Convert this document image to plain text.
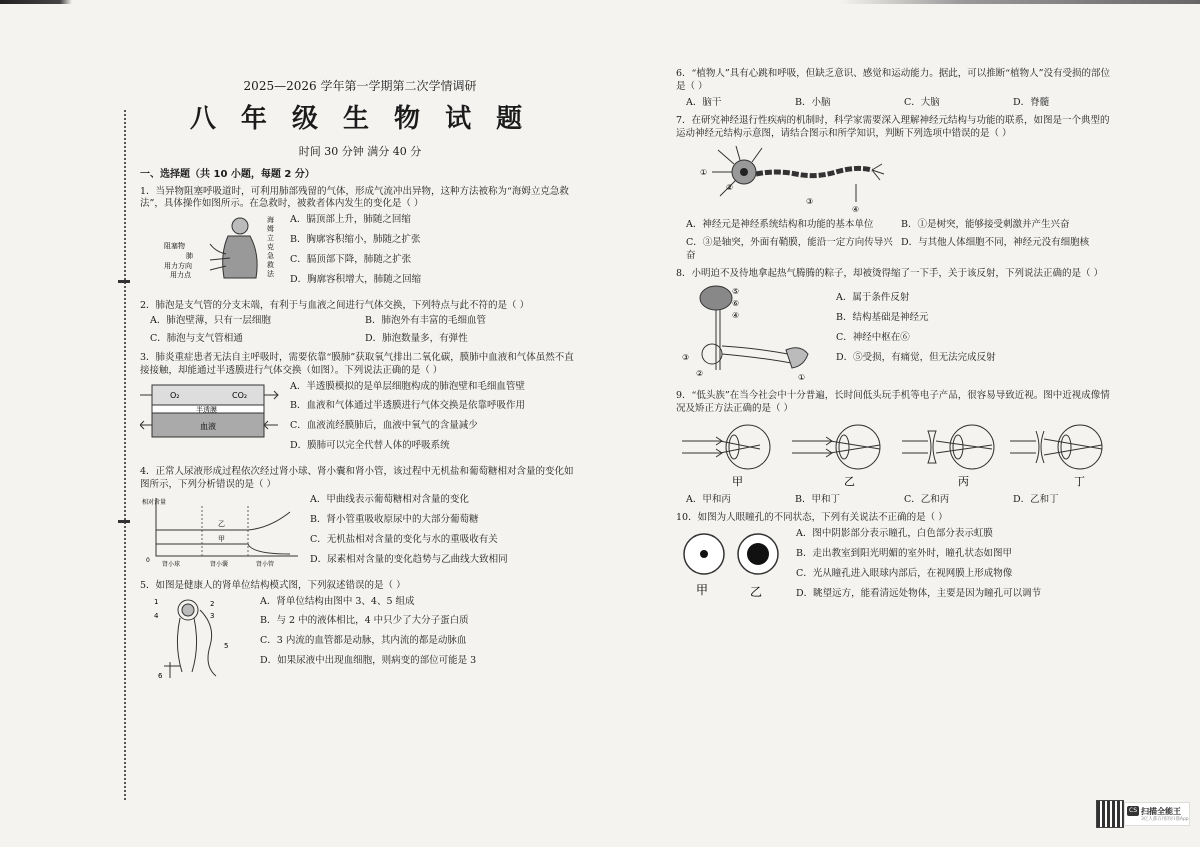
2025—2026 学年第一学期第二次学情调研
八 年 级 生 物 试 题
时间 30 分钟 满分 40 分
一、选择题（共 10 小题，每题 2 分）

1．当异物阻塞呼吸道时，可利用肺部残留的气体，形成气流冲出异物，这种方法被称为“海姆立克急救法”，具体操作如图所示。在急救时，被救者体内发生的变化是（ ）

阻塞物
肺
用力方向
用力点
海
姆
立
克
急
救
法
A．膈顶部上升，肺随之回缩
B．胸廓容积缩小，肺随之扩张
C．膈顶部下降，肺随之扩张
D．胸廓容积增大，肺随之回缩

2．肺泡是支气管的分支末端，有利于与血液之间进行气体交换，下列特点与此不符的是（ ）

A．肺泡壁薄，只有一层细胞	B．肺泡外有丰富的毛细血管
C．肺泡与支气管相通	D．肺泡数量多，有弹性

3．肺炎重症患者无法自主呼吸时，需要依靠“膜肺”获取氧气排出二氧化碳，膜肺中血液和气体虽然不直接接触，却能通过半透膜进行气体交换（如图）。下列说法正确的是（ ）

O₂	CO₂
半透膜
血液
A．半透膜模拟的是单层细胞构成的肺泡壁和毛细血管壁
B．血液和气体通过半透膜进行气体交换是依靠呼吸作用
C．血液流经膜肺后，血液中氧气的含量减少
D．膜肺可以完全代替人体的呼吸系统

4．正常人尿液形成过程依次经过肾小球、肾小囊和肾小管，该过程中无机盐和葡萄糖相对含量的变化如图所示，下列分析错误的是（ ）

相对含量
0
乙
甲
肾小球	肾小囊	肾小管
A．甲曲线表示葡萄糖相对含量的变化
B．肾小管重吸收原尿中的大部分葡萄糖
C．无机盐相对含量的变化与水的重吸收有关
D．尿素相对含量的变化趋势与乙曲线大致相同

5．如图是健康人的肾单位结构模式图，下列叙述错误的是（ ）

1	2
3
4
5
6
A．肾单位结构由图中 3、4、5 组成
B．与 2 中的液体相比，4 中只少了大分子蛋白质
C．3 内流的血管都是动脉，其内流的都是动脉血
D．如果尿液中出现血细胞，则病变的部位可能是 3

6．“植物人”具有心跳和呼吸，但缺乏意识、感觉和运动能力。据此，可以推断“植物人”没有受损的部位是（ ）

A．脑干	B．小脑	C．大脑	D．脊髓

7．在研究神经退行性疾病的机制时，科学家需要深入理解神经元结构与功能的联系，如图是一个典型的运动神经元结构示意图，请结合图示和所学知识，判断下列选项中错误的是（ ）

①
②
③
④
A．神经元是神经系统结构和功能的基本单位	B．①是树突，能够接受刺激并产生兴奋
C．③是轴突，外面有鞘膜，能沿一定方向传导兴奋
D．与其他人体细胞不同，神经元没有细胞核

8．小明迫不及待地拿起热气腾腾的粽子，却被烫得缩了一下手，关于该反射，下列说法正确的是（ ）

⑤
⑥
④
③
②	①
A．属于条件反射
B．结构基础是神经元
C．神经中枢在⑥
D．⑤受损，有痛觉，但无法完成反射

9．“低头族”在当今社会中十分普遍，长时间低头玩手机等电子产品，很容易导致近视。图中近视成像情况及矫正方法正确的是（ ）

甲	乙	丙	丁
A．甲和丙	B．甲和丁	C．乙和丙	D．乙和丁

10．如图为人眼瞳孔的不同状态，下列有关说法不正确的是（ ）

甲	乙
A．图中阴影部分表示瞳孔，白色部分表示虹膜
B．走出教室到阳光明媚的室外时，瞳孔状态如图甲
C．光从瞳孔进入眼球内部后，在视网膜上形成物像
D．眺望远方，能看清远处物体，主要是因为瞳孔可以调节
CS 扫描全能王
3亿人都在用的扫描App
